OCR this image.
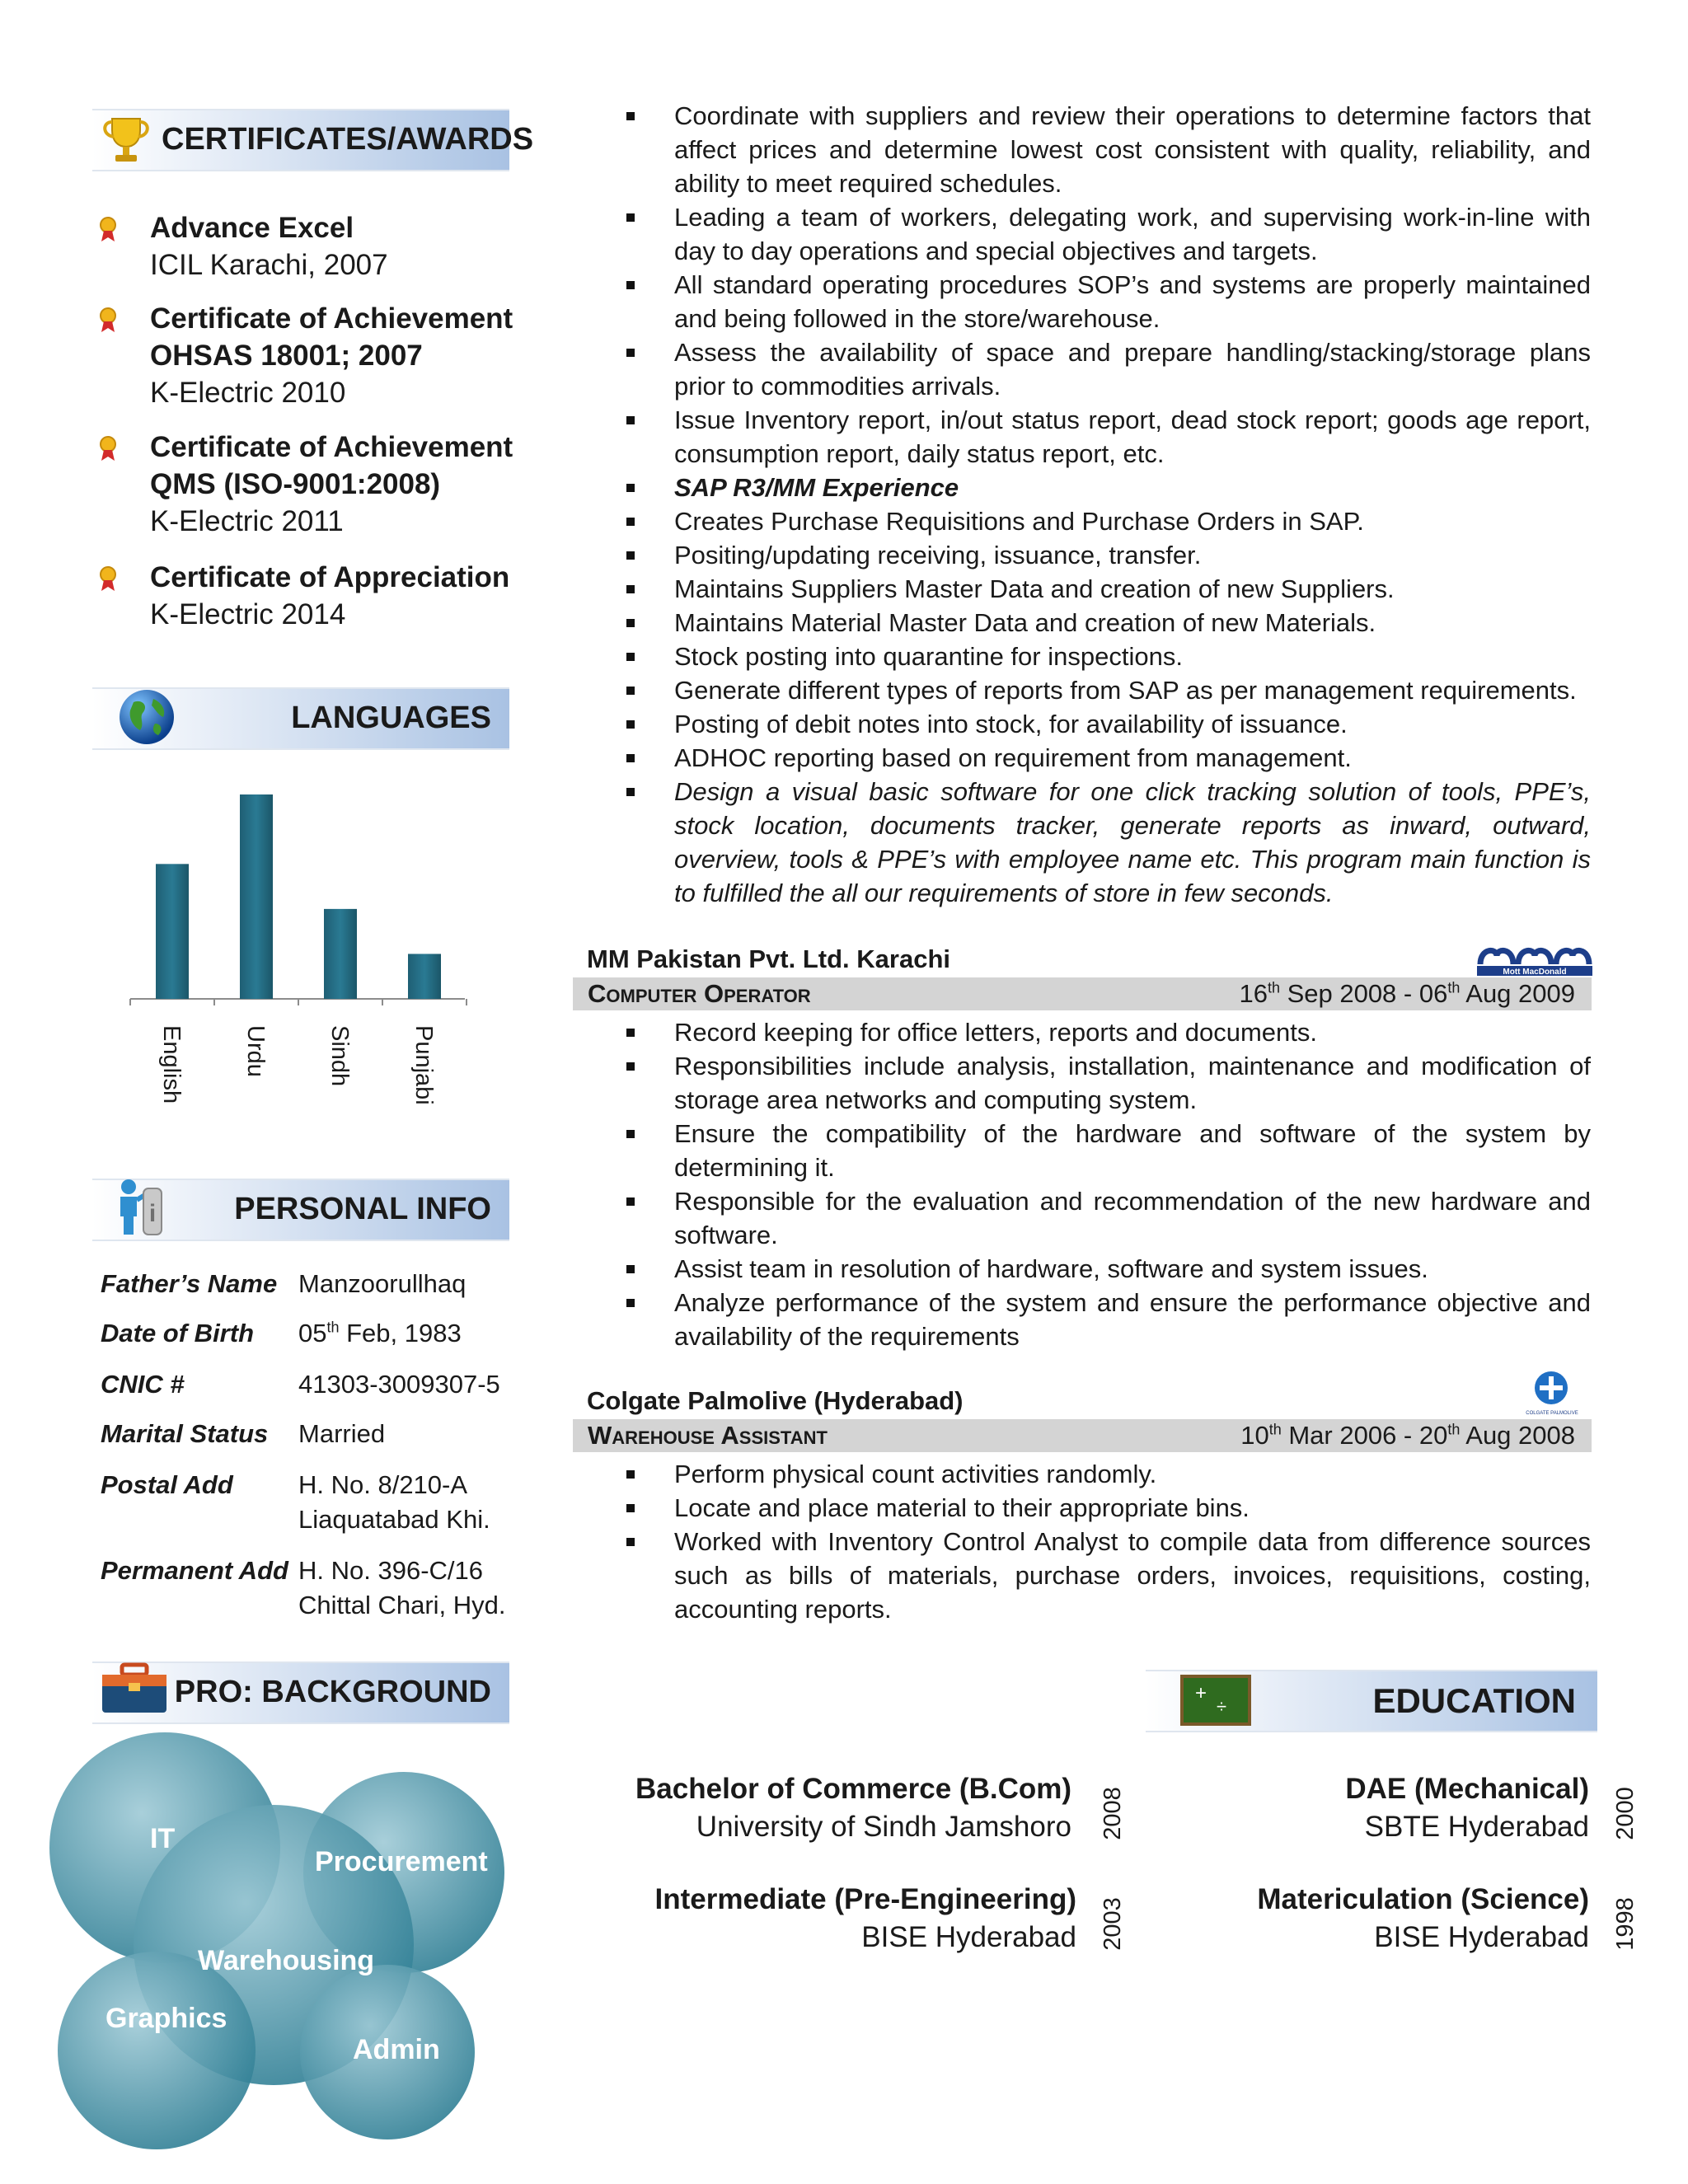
CERTIFICATES/AWARDS
Advance Excel
ICIL Karachi, 2007
Certificate of Achievement
OHSAS 18001; 2007
K-Electric 2010
Certificate of Achievement
QMS (ISO-9001:2008)
K-Electric 2011
Certificate of Appreciation
K-Electric 2014
LANGUAGES
English Urdu Sindh Punjabi
PERSONAL INFO
i
Father’s Name Manzoorullhaq
Date of Birth 05th Feb, 1983
CNIC #	41303-3009307-5
Marital Status Married
Postal Add	H. No. 8/210-A
Liaquatabad Khi.
Permanent Add H. No. 396-C/16
Chittal Chari, Hyd.
PRO: BACKGROUND
IT
Procurement
Warehousing
Graphics
Admin
Coordinate with suppliers and review their operations to determine factors that affect prices and determine lowest cost consistent with quality, reliability, and ability to meet required schedules.
Leading a team of workers, delegating work, and supervising work-in-line with day to day operations and special objectives and targets.
All standard operating procedures SOP’s and systems are properly maintained and being followed in the store/warehouse.
Assess the availability of space and prepare handling/stacking/storage plans prior to commodities arrivals.
Issue Inventory report, in/out status report, dead stock report; goods age report, consumption report, daily status report, etc.
SAP R3/MM Experience
Creates Purchase Requisitions and Purchase Orders in SAP.
Positing/updating receiving, issuance, transfer.
Maintains Suppliers Master Data and creation of new Suppliers.
Maintains Material Master Data and creation of new Materials.
Stock posting into quarantine for inspections.
Generate different types of reports from SAP as per management requirements.
Posting of debit notes into stock, for availability of issuance.
ADHOC reporting based on requirement from management.
Design a visual basic software for one click tracking solution of tools, PPE’s, stock location, documents tracker, generate reports as inward, outward, overview, tools & PPE’s with employee name etc. This program main function is to fulfilled the all our requirements of store in few seconds.
MM Pakistan Pvt. Ltd. Karachi	Mott MacDonald
Computer Operator	16th Sep 2008 - 06th Aug 2009
Record keeping for office letters, reports and documents.
Responsibilities include analysis, installation, maintenance and modification of storage area networks and computing system.
Ensure the compatibility of the hardware and software of the system by determining it.
Responsible for the evaluation and recommendation of the new hardware and software.
Assist team in resolution of hardware, software and system issues.
Analyze performance of the system and ensure the performance objective and availability of the requirements
Colgate Palmolive (Hyderabad)	COLGATE PALMOLIVE
Warehouse Assistant	10th Mar 2006 - 20th Aug 2008
Perform physical count activities randomly.
Locate and place material to their appropriate bins.
Worked with Inventory Control Analyst to compile data from difference sources such as bills of materials, purchase orders, invoices, requisitions, costing, accounting reports.
EDUCATION
+
÷
Bachelor of Commerce (B.Com)
University of Sindh Jamshoro 2008	DAE (Mechanical)
SBTE Hyderabad 2000
Intermediate (Pre-Engineering)
BISE Hyderabad 2003	Matericulation (Science)
BISE Hyderabad 1998
